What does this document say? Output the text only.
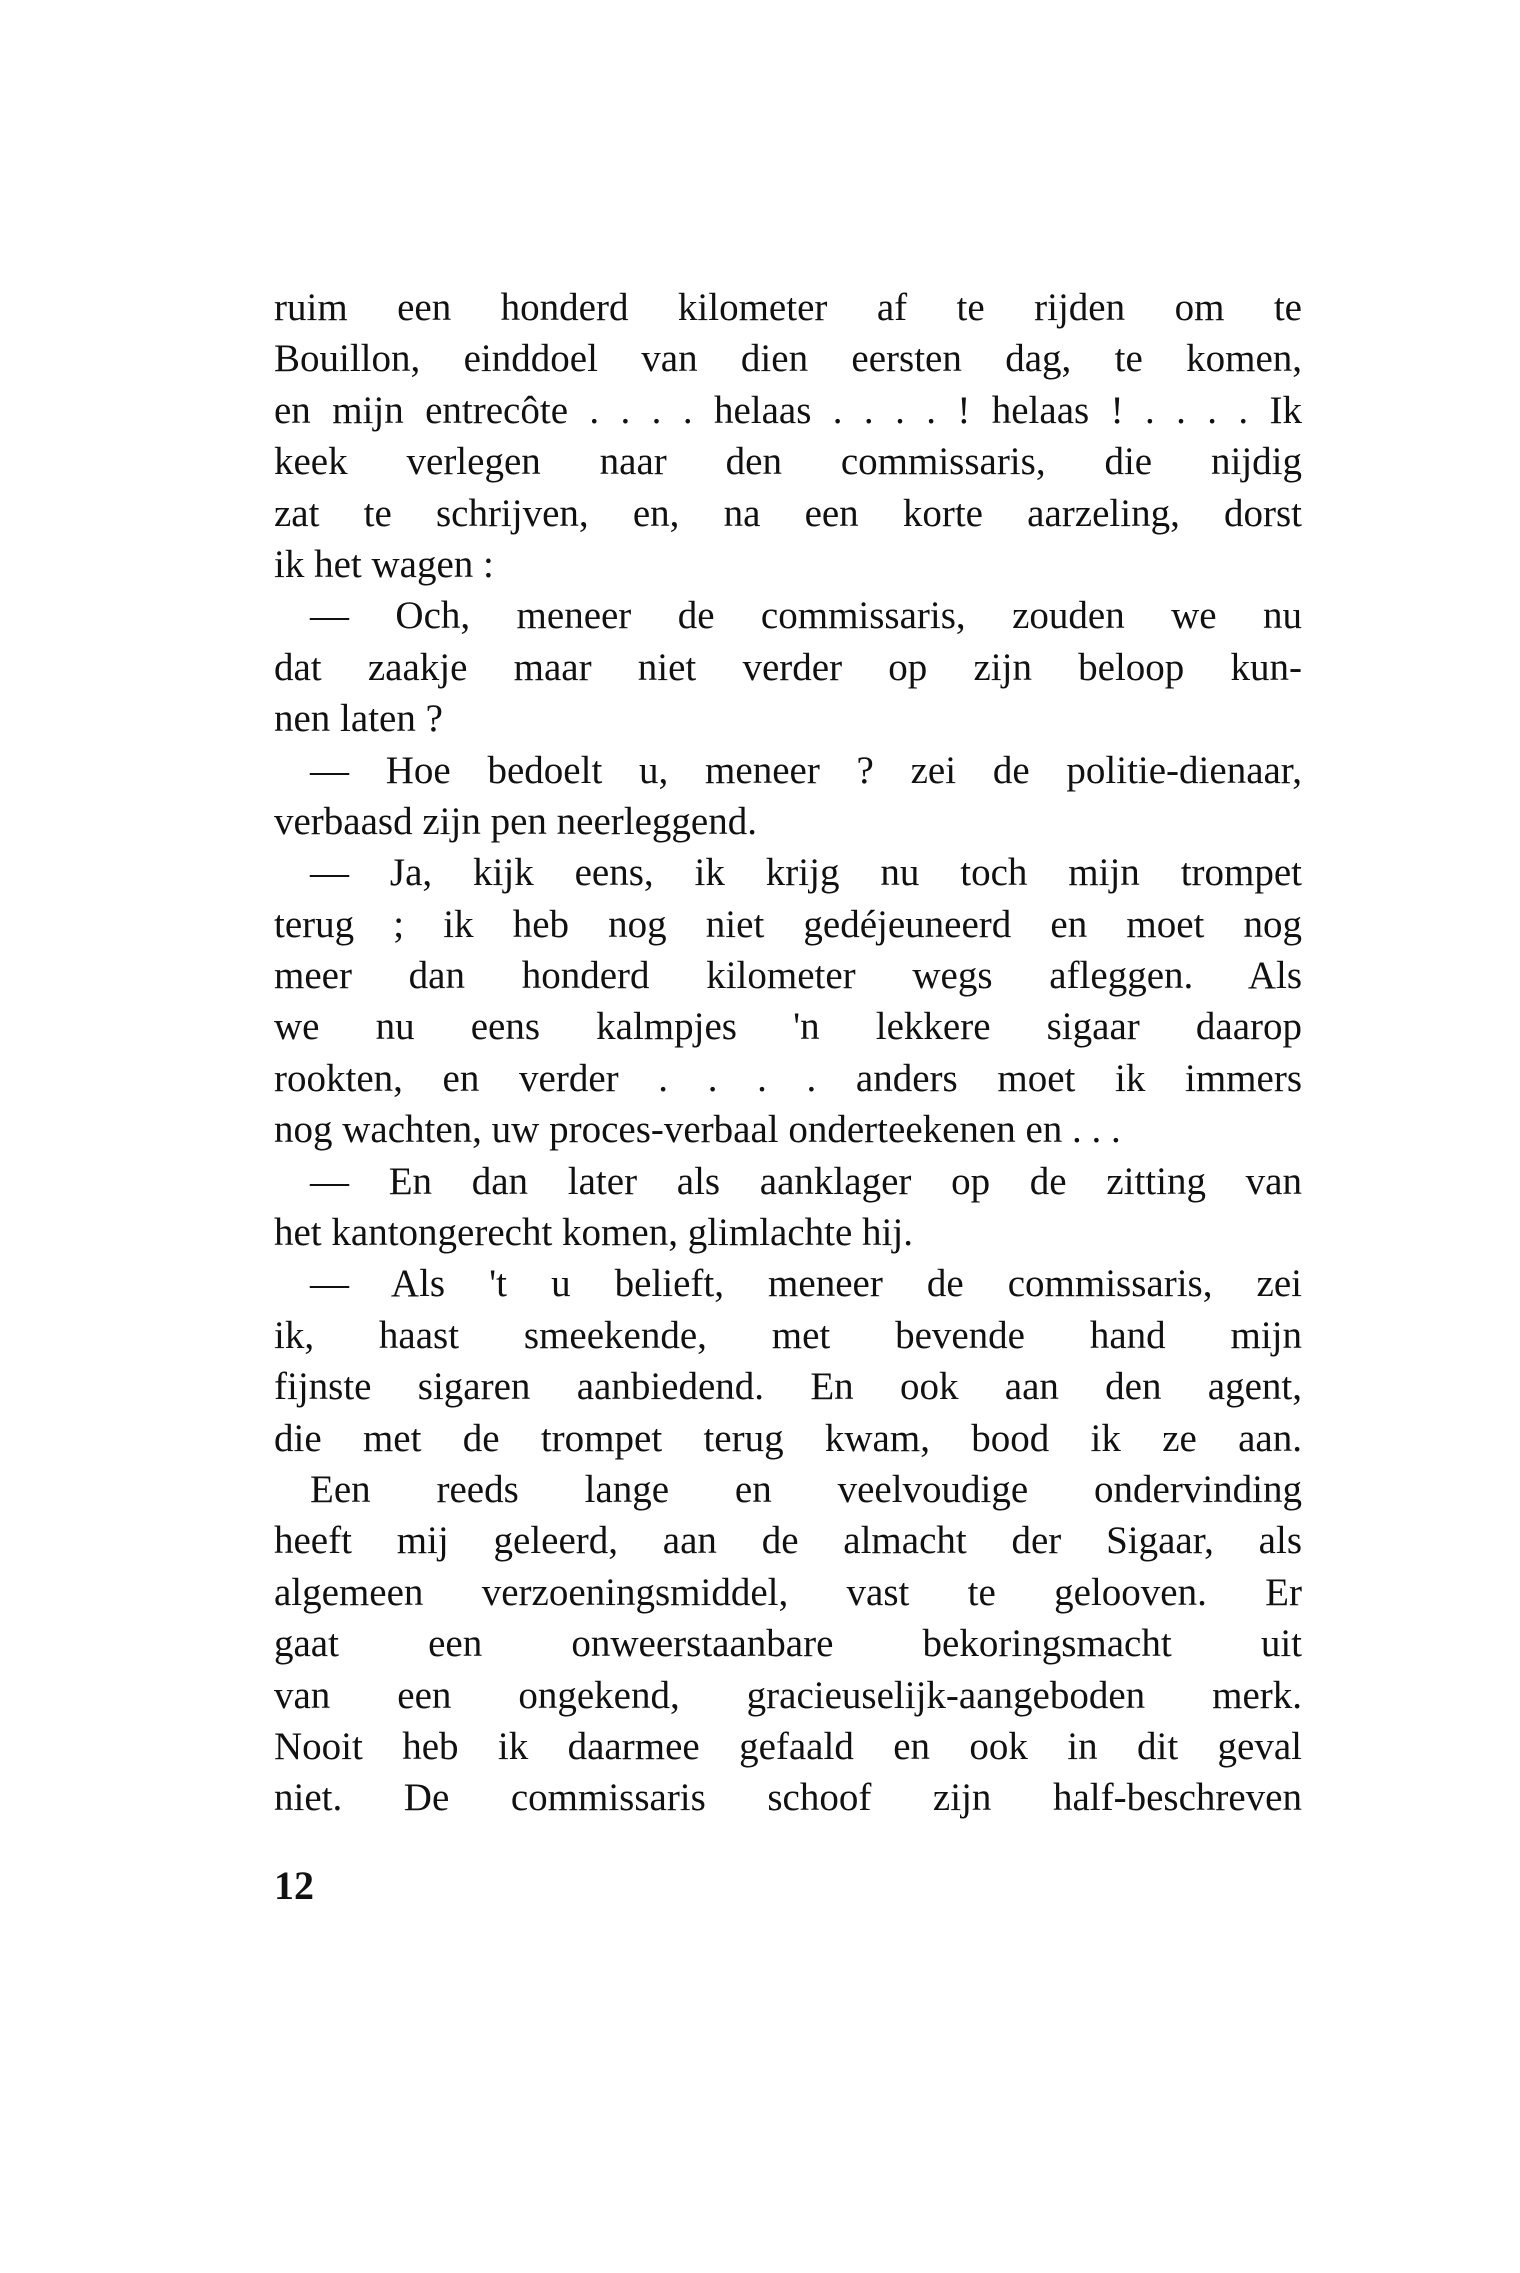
ruim een honderd kilometer af te rijden om te
Bouillon, einddoel van dien eersten dag, te komen,
en mijn entrecôte . . . . helaas . . . . ! helaas ! . . . . Ik
keek verlegen naar den commissaris, die nijdig
zat te schrijven, en, na een korte aarzeling, dorst
ik het wagen :
— Och, meneer de commissaris, zouden we nu
dat zaakje maar niet verder op zijn beloop kun-
nen laten ?
— Hoe bedoelt u, meneer ? zei de politie-dienaar,
verbaasd zijn pen neerleggend.
— Ja, kijk eens, ik krijg nu toch mijn trompet
terug ; ik heb nog niet gedéjeuneerd en moet nog
meer dan honderd kilometer wegs afleggen. Als
we nu eens kalmpjes 'n lekkere sigaar daarop
rookten, en verder . . . . anders moet ik immers
nog wachten, uw proces-verbaal onderteekenen en . . .
— En dan later als aanklager op de zitting van
het kantongerecht komen, glimlachte hij.
— Als 't u belieft, meneer de commissaris, zei
ik, haast smeekende, met bevende hand mijn
fijnste sigaren aanbiedend. En ook aan den agent,
die met de trompet terug kwam, bood ik ze aan.
Een reeds lange en veelvoudige ondervinding
heeft mij geleerd, aan de almacht der Sigaar, als
algemeen verzoeningsmiddel, vast te gelooven. Er
gaat een onweerstaanbare bekoringsmacht uit
van een ongekend, gracieuselijk-aangeboden merk.
Nooit heb ik daarmee gefaald en ook in dit geval
niet. De commissaris schoof zijn half-beschreven
12
